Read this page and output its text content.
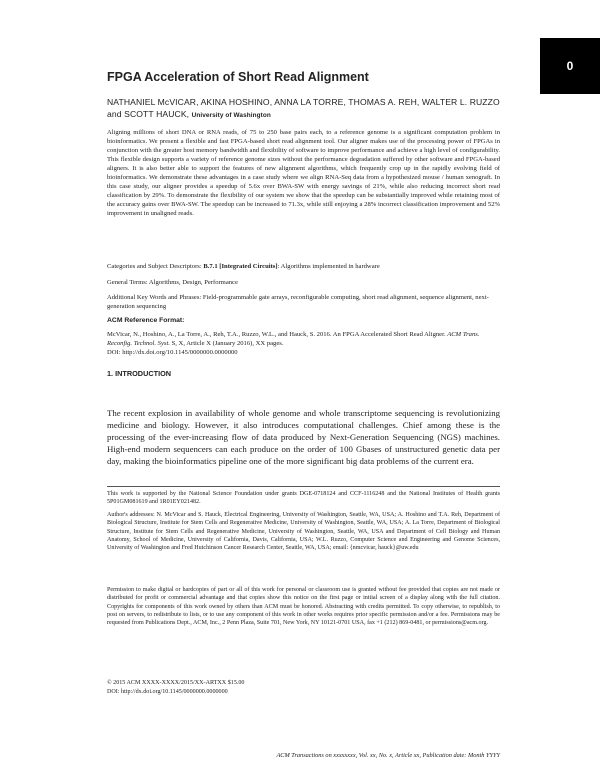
0
FPGA Acceleration of Short Read Alignment
NATHANIEL McVICAR, AKINA HOSHINO, ANNA LA TORRE, THOMAS A. REH, WALTER L. RUZZO and SCOTT HAUCK, University of Washington

Aligning millions of short DNA or RNA reads, of 75 to 250 base pairs each, to a reference genome is a significant computation problem in bioinformatics. We present a flexible and fast FPGA-based short read alignment tool. Our aligner makes use of the processing power of FPGAs in conjunction with the greater host memory bandwidth and flexibility of software to improve performance and achieve a high level of configurability. This flexible design supports a variety of reference genome sizes without the performance degradation suffered by other software and FPGA-based aligners. It is also better able to support the features of new alignment algorithms, which frequently crop up in the rapidly evolving field of bioinformatics. We demonstrate these advantages in a case study where we align RNA-Seq data from a hypothesized mouse / human xenograft. In this case study, our aligner provides a speedup of 5.6x over BWA-SW with energy savings of 21%, while also reducing incorrect short read classification by 29%. To demonstrate the flexibility of our system we show that the speedup can be substantially improved while retaining most of the accuracy gains over BWA-SW. The speedup can be increased to 71.3x, while still enjoying a 28% incorrect classification improvement and 52% improvement in unaligned reads.

Categories and Subject Descriptors: B.7.1 [Integrated Circuits]: Algorithms implemented in hardware

General Terms: Algorithms, Design, Performance

Additional Key Words and Phrases: Field-programmable gate arrays, reconfigurable computing, short read alignment, sequence alignment, next-generation sequencing

ACM Reference Format:

McVicar, N., Hoshino, A., La Torre, A., Reh, T.A., Ruzzo, W.L., and Hauck, S. 2016. An FPGA Accelerated Short Read Aligner. ACM Trans. Reconfig. Technol. Syst. S, X, Article X (January 2016), XX pages.
DOI: http://dx.doi.org/10.1145/0000000.0000000

1. INTRODUCTION

The recent explosion in availability of whole genome and whole transcriptome sequencing is revolutionizing medicine and biology. However, it also introduces computational challenges. Chief among these is the processing of the ever-increasing flow of data produced by Next-Generation Sequencing (NGS) machines. High-end modern sequencers can each produce on the order of 100 Gbases of unstructured genetic data per day, making the bioinformatics pipeline one of the more significant big data problems of the current era.

This work is supported by the National Science Foundation under grants DGE-0718124 and CCF-1116248 and the National Institutes of Health grants 5P01GM081619 and 1R01EY021482.

Author's addresses: N. McVicar and S. Hauck, Electrical Engineering, University of Washington, Seattle, WA, USA; A. Hoshino and T.A. Reh, Department of Biological Structure, Institute for Stem Cells and Regenerative Medicine, University of Washington, Seattle, WA, USA; A. La Torre, Department of Biological Structure, Institute for Stem Cells and Regenerative Medicine, University of Washington, Seattle, WA, USA and Department of Cell Biology and Human Anatomy, School of Medicine, University of California, Davis, California, USA; W.L. Ruzzo, Computer Science and Engineering and Genome Sciences, University of Washington and Fred Hutchinson Cancer Research Center, Seattle, WA, USA; email: {nmcvicar, hauck}@uw.edu

Permission to make digital or hardcopies of part or all of this work for personal or classroom use is granted without fee provided that copies are not made or distributed for profit or commercial advantage and that copies show this notice on the first page or initial screen of a display along with the full citation. Copyrights for components of this work owned by others than ACM must be honored. Abstracting with credits permitted. To copy otherwise, to republish, to post on servers, to redistribute to lists, or to use any component of this work in other works requires prior specific permission and/or a fee. Permissions may be requested from Publications Dept., ACM, Inc., 2 Penn Plaza, Suite 701, New York, NY 10121-0701 USA, fax +1 (212) 869-0481, or permissions@acm.org.

© 2015 ACM XXXX-XXXX/2015/XX-ARTXX $15.00

DOI: http://dx.doi.org/10.1145/0000000.0000000

ACM Transactions on xxxxxxxx, Vol. xx, No. x, Article xx, Publication date: Month YYYY
